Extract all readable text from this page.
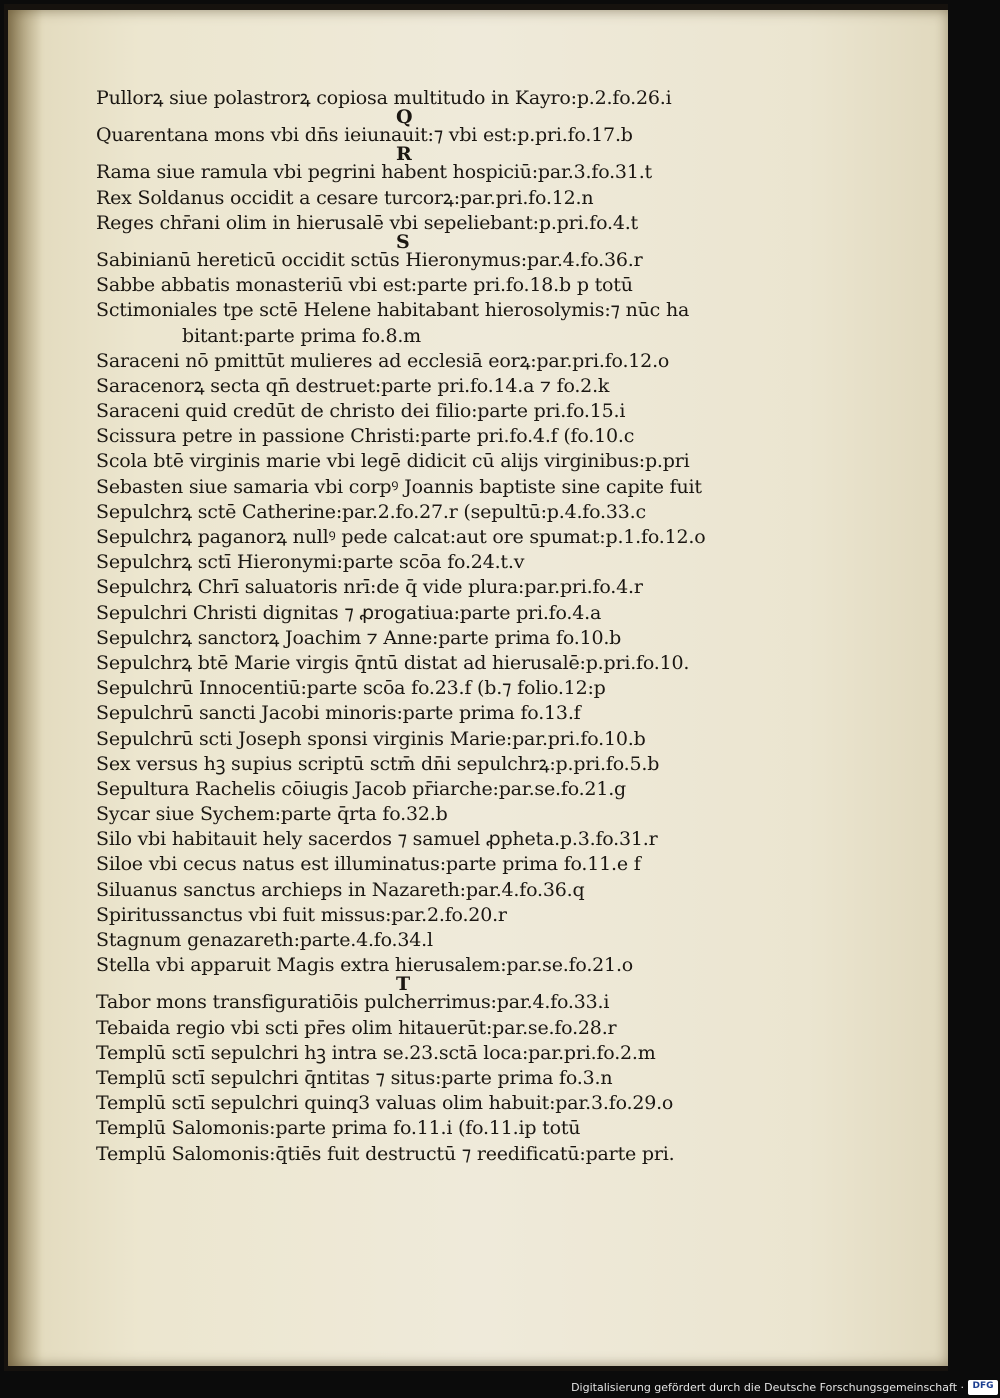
Pullorꝝ siue polastrorꝝ copiosa multitudo in Kayro:p.2.fo.26.i
Q
Quarentana mons vbi dn̄s ieiunauit:⁊ vbi est:p.pri.fo.17.b
R
Rama siue ramula vbi pegrini habent hospiciū:par.3.fo.31.t
Rex Soldanus occidit a cesare turcorꝝ:par.pri.fo.12.n
Reges chr̄ani olim in hierusalē vbi sepeliebant:p.pri.fo.4.t
S
Sabinianū hereticū occidit sctūs Hieronymus:par.4.fo.36.r
Sabbe abbatis monasteriū vbi est:parte pri.fo.18.b p totū
Sctimoniales tpe sctē Helene habitabant hierosolymis:⁊ nūc ha
bitant:parte prima fo.8.m
Saraceni nō pmittūt mulieres ad ecclesiā eorꝝ:par.pri.fo.12.o
Saracenorꝝ secta qn̄ destruet:parte pri.fo.14.a ⁊ fo.2.k
Saraceni quid credūt de christo dei filio:parte pri.fo.15.i
Scissura petre in passione Christi:parte pri.fo.4.f (fo.10.c
Scola btē virginis marie vbi legē didicit cū alijs virginibus:p.pri
Sebasten siue samaria vbi corpꝰ Joannis baptiste sine capite fuit
Sepulchrꝝ sctē Catherine:par.2.fo.27.r (sepultū:p.4.fo.33.c
Sepulchrꝝ paganorꝝ nullꝰ pede calcat:aut ore spumat:p.1.fo.12.o
Sepulchrꝝ sctī Hieronymi:parte scōa fo.24.t.v
Sepulchrꝝ Chrī saluatoris nrī:de q̄ vide plura:par.pri.fo.4.r
Sepulchri Christi dignitas ⁊ ꝓrogatiua:parte pri.fo.4.a
Sepulchrꝝ sanctorꝝ Joachim ⁊ Anne:parte prima fo.10.b
Sepulchrꝝ btē Marie virgis q̄ntū distat ad hierusalē:p.pri.fo.10.
Sepulchrū Innocentiū:parte scōa fo.23.f (b.⁊ folio.12:p
Sepulchrū sancti Jacobi minoris:parte prima fo.13.f
Sepulchrū scti Joseph sponsi virginis Marie:par.pri.fo.10.b
Sex versus hꝫ supius scriptū sctm̄ dn̄i sepulchrꝝ:p.pri.fo.5.b
Sepultura Rachelis cōiugis Jacob pr̄iarche:par.se.fo.21.g
Sycar siue Sychem:parte q̄rta fo.32.b
Silo vbi habitauit hely sacerdos ⁊ samuel ꝓpheta.p.3.fo.31.r
Siloe vbi cecus natus est illuminatus:parte prima fo.11.e f
Siluanus sanctus archieps in Nazareth:par.4.fo.36.q
Spiritussanctus vbi fuit missus:par.2.fo.20.r
Stagnum genazareth:parte.4.fo.34.l
Stella vbi apparuit Magis extra hierusalem:par.se.fo.21.o
T
Tabor mons transfiguratiōis pulcherrimus:par.4.fo.33.i
Tebaida regio vbi scti pr̄es olim hitauerūt:par.se.fo.28.r
Templū sctī sepulchri hꝫ intra se.23.sctā loca:par.pri.fo.2.m
Templū sctī sepulchri q̄ntitas ⁊ situs:parte prima fo.3.n
Templū sctī sepulchri quinq3 valuas olim habuit:par.3.fo.29.o
Templū Salomonis:parte prima fo.11.i (fo.11.ip totū
Templū Salomonis:q̄tiēs fuit destructū ⁊ reedificatū:parte pri.
Digitalisierung gefördert durch die Deutsche Forschungsgemeinschaft · DFG
